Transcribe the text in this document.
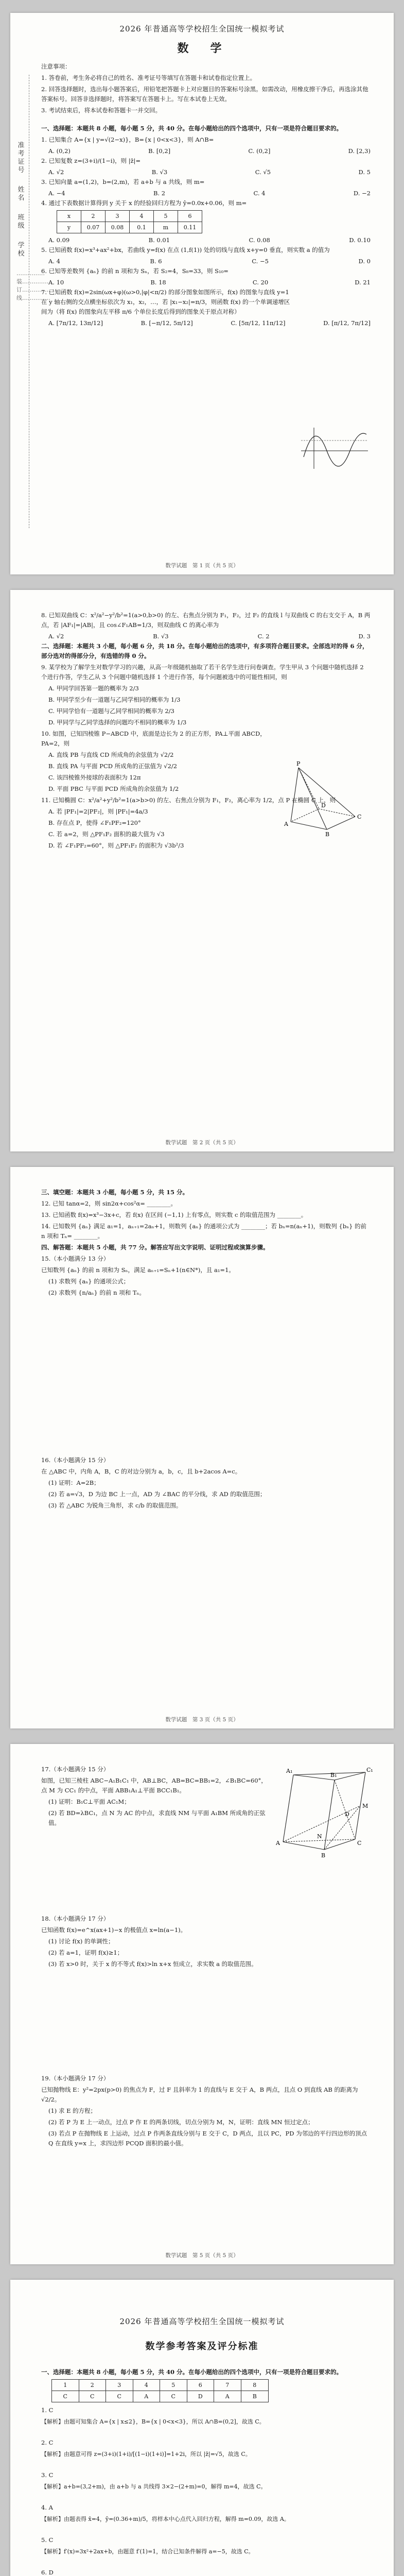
2026 年普通高等学校招生全国统一模拟考试
数　学
准考证号
姓名
班级
学校
……………装……………订……………线……………

注意事项：

1. 答卷前，考生务必将自己的姓名、准考证号等填写在答题卡和试卷指定位置上。

2. 回答选择题时，选出每小题答案后，用铅笔把答题卡上对应题目的答案标号涂黑。如需改动，用橡皮擦干净后，再选涂其他答案标号。回答非选择题时，将答案写在答题卡上。写在本试卷上无效。

3. 考试结束后，将本试卷和答题卡一并交回。

一、选择题：本题共 8 小题，每小题 5 分，共 40 分。在每小题给出的四个选项中，只有一项是符合题目要求的。

1. 已知集合 A={x | y=√(2−x)}，B={x | 0<x<3}，则 A∩B=

A. (0,2)	B. [0,2]	C. (0,2]	D. [2,3)

2. 已知复数 z=(3+i)/(1−i)，则 |z̄|=

A. √2	B. √3	C. √5	D. 5

3. 已知向量 a=(1,2)，b=(2,m)，若 a+b 与 a 共线，则 m=

A. −4	B. 2	C. 4	D. −2

4. 通过下表数据计算得到 y 关于 x 的经验回归方程为 ŷ=0.0x+0.06，则 m=

x	2	3	4	5	6
y	0.07	0.08	0.1	m	0.11
A. 0.09	B. 0.01	C. 0.08	D. 0.10

5. 已知函数 f(x)=x³+ax²+bx，若曲线 y=f(x) 在点 (1,f(1)) 处的切线与直线 x+y=0 垂直，则实数 a 的值为

A. 4	B. 6	C. −5	D. 0

6. 已知等差数列 {aₙ} 的前 n 项和为 Sₙ，若 S₂=4，S₈=33，则 S₁₀=

A. 10	B. 18	C. 20	D. 21

7. 已知函数 f(x)=2sin(ωx+φ)(ω>0,|φ|<π/2) 的部分图象如图所示，f(x) 的图象与直线 y=1 在 y 轴右侧的交点横坐标依次为 x₁，x₂，…，若 |x₁−x₂|=π/3，则函数 f(x) 的一个单调递增区间为（将 f(x) 的图象向左平移 π/6 个单位长度后得到的图象关于原点对称）

A. [7π/12, 13π/12]	B. [−π/12, 5π/12]	C. [5π/12, 11π/12]	D. [π/12, 7π/12]
数学试题　第 1 页（共 5 页）

8. 已知双曲线 C：x²/a²−y²/b²=1(a>0,b>0) 的左、右焦点分别为 F₁，F₂，过 F₂ 的直线 l 与双曲线 C 的右支交于 A，B 两点，若 |AF₁|=|AB|，且 cos∠F₁AB=1/3，则双曲线 C 的离心率为

A. √2	B. √3	C. 2	D. 3

二、选择题：本题共 3 小题，每小题 6 分，共 18 分。在每小题给出的选项中，有多项符合题目要求。全部选对的得 6 分，部分选对的得部分分，有选错的得 0 分。

9. 某学校为了解学生对数学学习的兴趣，从高一年级随机抽取了若干名学生进行问卷调查。学生甲从 3 个问题中随机选择 2 个进行作答，学生乙从 3 个问题中随机选择 1 个进行作答，每个问题被选中的可能性相同，则

A. 甲同学回答第一题的概率为 2/3

B. 甲同学至少有一道题与乙同学相同的概率为 1/3

C. 甲同学恰有一道题与乙同学相同的概率为 2/3

D. 甲同学与乙同学选择的问题均不相同的概率为 1/3

10. 如图，已知四棱锥 P−ABCD 中，底面是边长为 2 的正方形，PA⊥平面 ABCD，PA=2，则

A. 直线 PB 与直线 CD 所成角的余弦值为 √2/2

B. 直线 PA 与平面 PCD 所成角的正弦值为 √2/2

C. 该四棱锥外接球的表面积为 12π

D. 平面 PBC 与平面 PCD 所成角的余弦值为 1/2

11. 已知椭圆 C：x²/a²+y²/b²=1(a>b>0) 的左、右焦点分别为 F₁，F₂，离心率为 1/2，点 P 在椭圆 C 上，则

A. 若 |PF₁|=2|PF₂|，则 |PF₁|=4a/3

B. 存在点 P，使得 ∠F₁PF₂=120°

C. 若 a=2，则 △PF₁F₂ 面积的最大值为 √3

D. 若 ∠F₁PF₂=60°，则 △PF₁F₂ 的面积为 √3b²/3

P
A
B
C
D
数学试题　第 2 页（共 5 页）

三、填空题：本题共 3 小题，每小题 5 分，共 15 分。

12. 已知 tanα=2，则 sin2α+cos²α= ________。

13. 已知函数 f(x)=x³−3x+c，若 f(x) 在区间 (−1,1) 上有零点，则实数 c 的取值范围为 ________。

14. 已知数列 {aₙ} 满足 a₁=1，aₙ₊₁=2aₙ+1，则数列 {aₙ} 的通项公式为 ________；若 bₙ=n(aₙ+1)，则数列 {bₙ} 的前 n 项和 Tₙ= ________。

四、解答题：本题共 5 小题，共 77 分。解答应写出文字说明、证明过程或演算步骤。

15.（本小题满分 13 分）

已知数列 {aₙ} 的前 n 项和为 Sₙ，满足 aₙ₊₁=Sₙ+1(n∈N*)，且 a₁=1。

(1) 求数列 {aₙ} 的通项公式；

(2) 求数列 {n/aₙ} 的前 n 项和 Tₙ。

16.（本小题满分 15 分）

在 △ABC 中，内角 A，B，C 的对边分别为 a，b，c，且 b+2acos A=c。

(1) 证明：A=2B；

(2) 若 a=√3，D 为边 BC 上一点，AD 为 ∠BAC 的平分线，求 AD 的取值范围；

(3) 若 △ABC 为锐角三角形，求 c/b 的取值范围。

数学试题　第 3 页（共 5 页）

17.（本小题满分 15 分）

如图，已知三棱柱 ABC−A₁B₁C₁ 中，AB⊥BC，AB=BC=BB₁=2，∠B₁BC=60°，点 M 为 CC₁ 的中点，平面 ABB₁A₁⊥平面 BCC₁B₁。

(1) 证明：B₁C⊥平面 AC₁M；

(2) 若 BD=λBC₁，点 N 为 AC 的中点，求直线 NM 与平面 A₁BM 所成角的正弦值。

A₁
B₁
C₁
A
B
C
M
N
D

18.（本小题满分 17 分）

已知函数 f(x)=e^x(ax+1)−x 的极值点 x=ln(a−1)。

(1) 讨论 f(x) 的单调性；

(2) 若 a=1，证明 f(x)≥1；

(3) 若 x>0 时，关于 x 的不等式 f(x)>ln x+x 恒成立，求实数 a 的取值范围。

19.（本小题满分 17 分）

已知抛物线 E：y²=2px(p>0) 的焦点为 F，过 F 且斜率为 1 的直线与 E 交于 A，B 两点，且点 O 到直线 AB 的距离为 √2/2。

(1) 求 E 的方程；

(2) 若 P 为 E 上一动点，过点 P 作 E 的两条切线，切点分别为 M，N，证明：直线 MN 恒过定点；

(3) 若点 P 在抛物线 E 上运动，过点 P 作两条直线分别与 E 交于 C，D 两点，且以 PC，PD 为邻边的平行四边形的顶点 Q 在直线 y=x 上，求四边形 PCQD 面积的最小值。

数学试题　第 5 页（共 5 页）
2026 年普通高等学校招生全国统一模拟考试
数学参考答案及评分标准

一、选择题：本题共 8 小题，每小题 5 分，共 40 分。在每小题给出的四个选项中，只有一项是符合题目要求的。

1	2	3	4	5	6	7	8
C	C	C	A	C	D	A	B

1. C

【解析】由题可知集合 A={x | x≤2}，B={x | 0<x<3}，所以 A∩B=(0,2]，故选 C。

2. C

【解析】由题意可得 z=(3+i)(1+i)/[(1−i)(1+i)]=1+2i，所以 |z̄|=√5，故选 C。

3. C

【解析】a+b=(3,2+m)，由 a+b 与 a 共线得 3×2−(2+m)=0，解得 m=4，故选 C。

4. A

【解析】由题表得 x̄=4，ȳ=(0.36+m)/5，将样本中心点代入回归方程，解得 m=0.09，故选 A。

5. C

【解析】f′(x)=3x²+2ax+b，由题意 f′(1)=1，结合已知条件解得 a=−5，故选 C。

6. D
